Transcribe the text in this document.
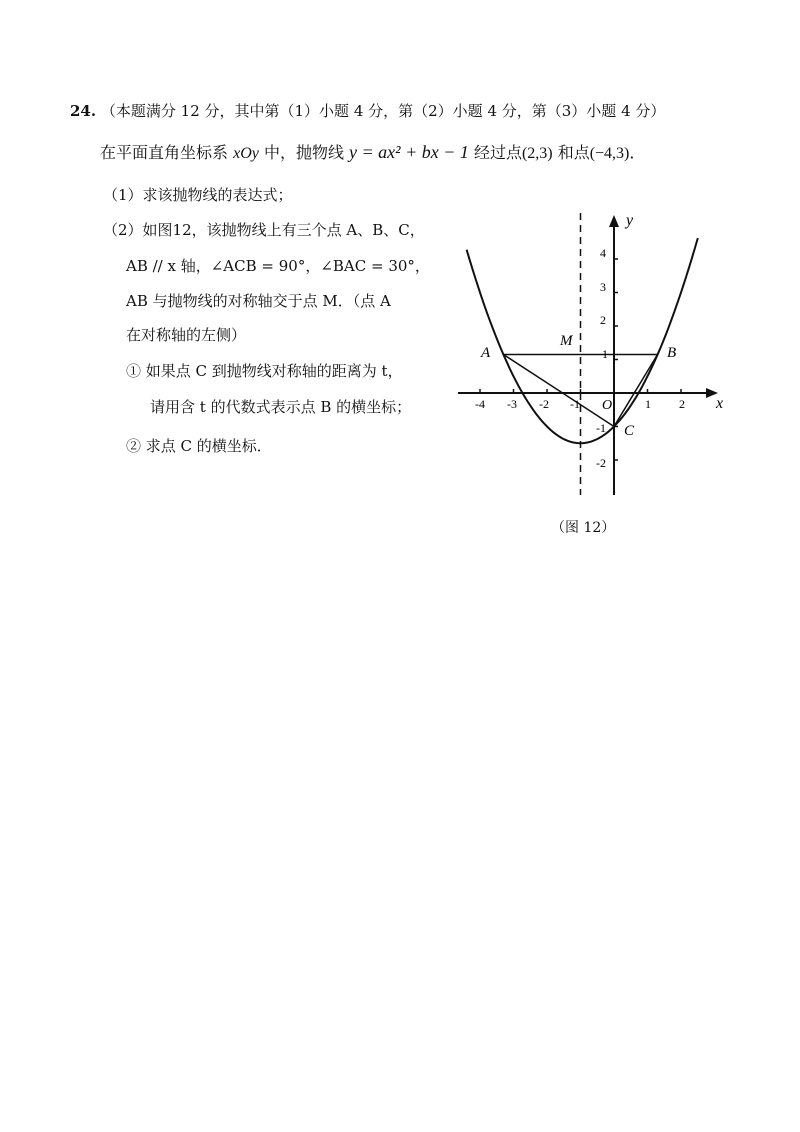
24. （本题满分 12 分，其中第（1）小题 4 分，第（2）小题 4 分，第（3）小题 4 分）
在平面直角坐标系 xOy 中，抛物线 y = ax² + bx − 1 经过点(2,3) 和点(−4,3)．
（1）求该抛物线的表达式；
（2）如图12，该抛物线上有三个点 A、B、C，
AB // x 轴，∠ACB = 90°，∠BAC = 30°，
AB 与抛物线的对称轴交于点 M．（点 A
在对称轴的左侧）
① 如果点 C 到抛物线对称轴的距离为 t，
请用含 t 的代数式表示点 B 的横坐标；
② 求点 C 的横坐标．
y
x
O
A	B
M
C
-4 -3 -2 -1	1 2
4
3
2
1
-1
-2
（图 12）
